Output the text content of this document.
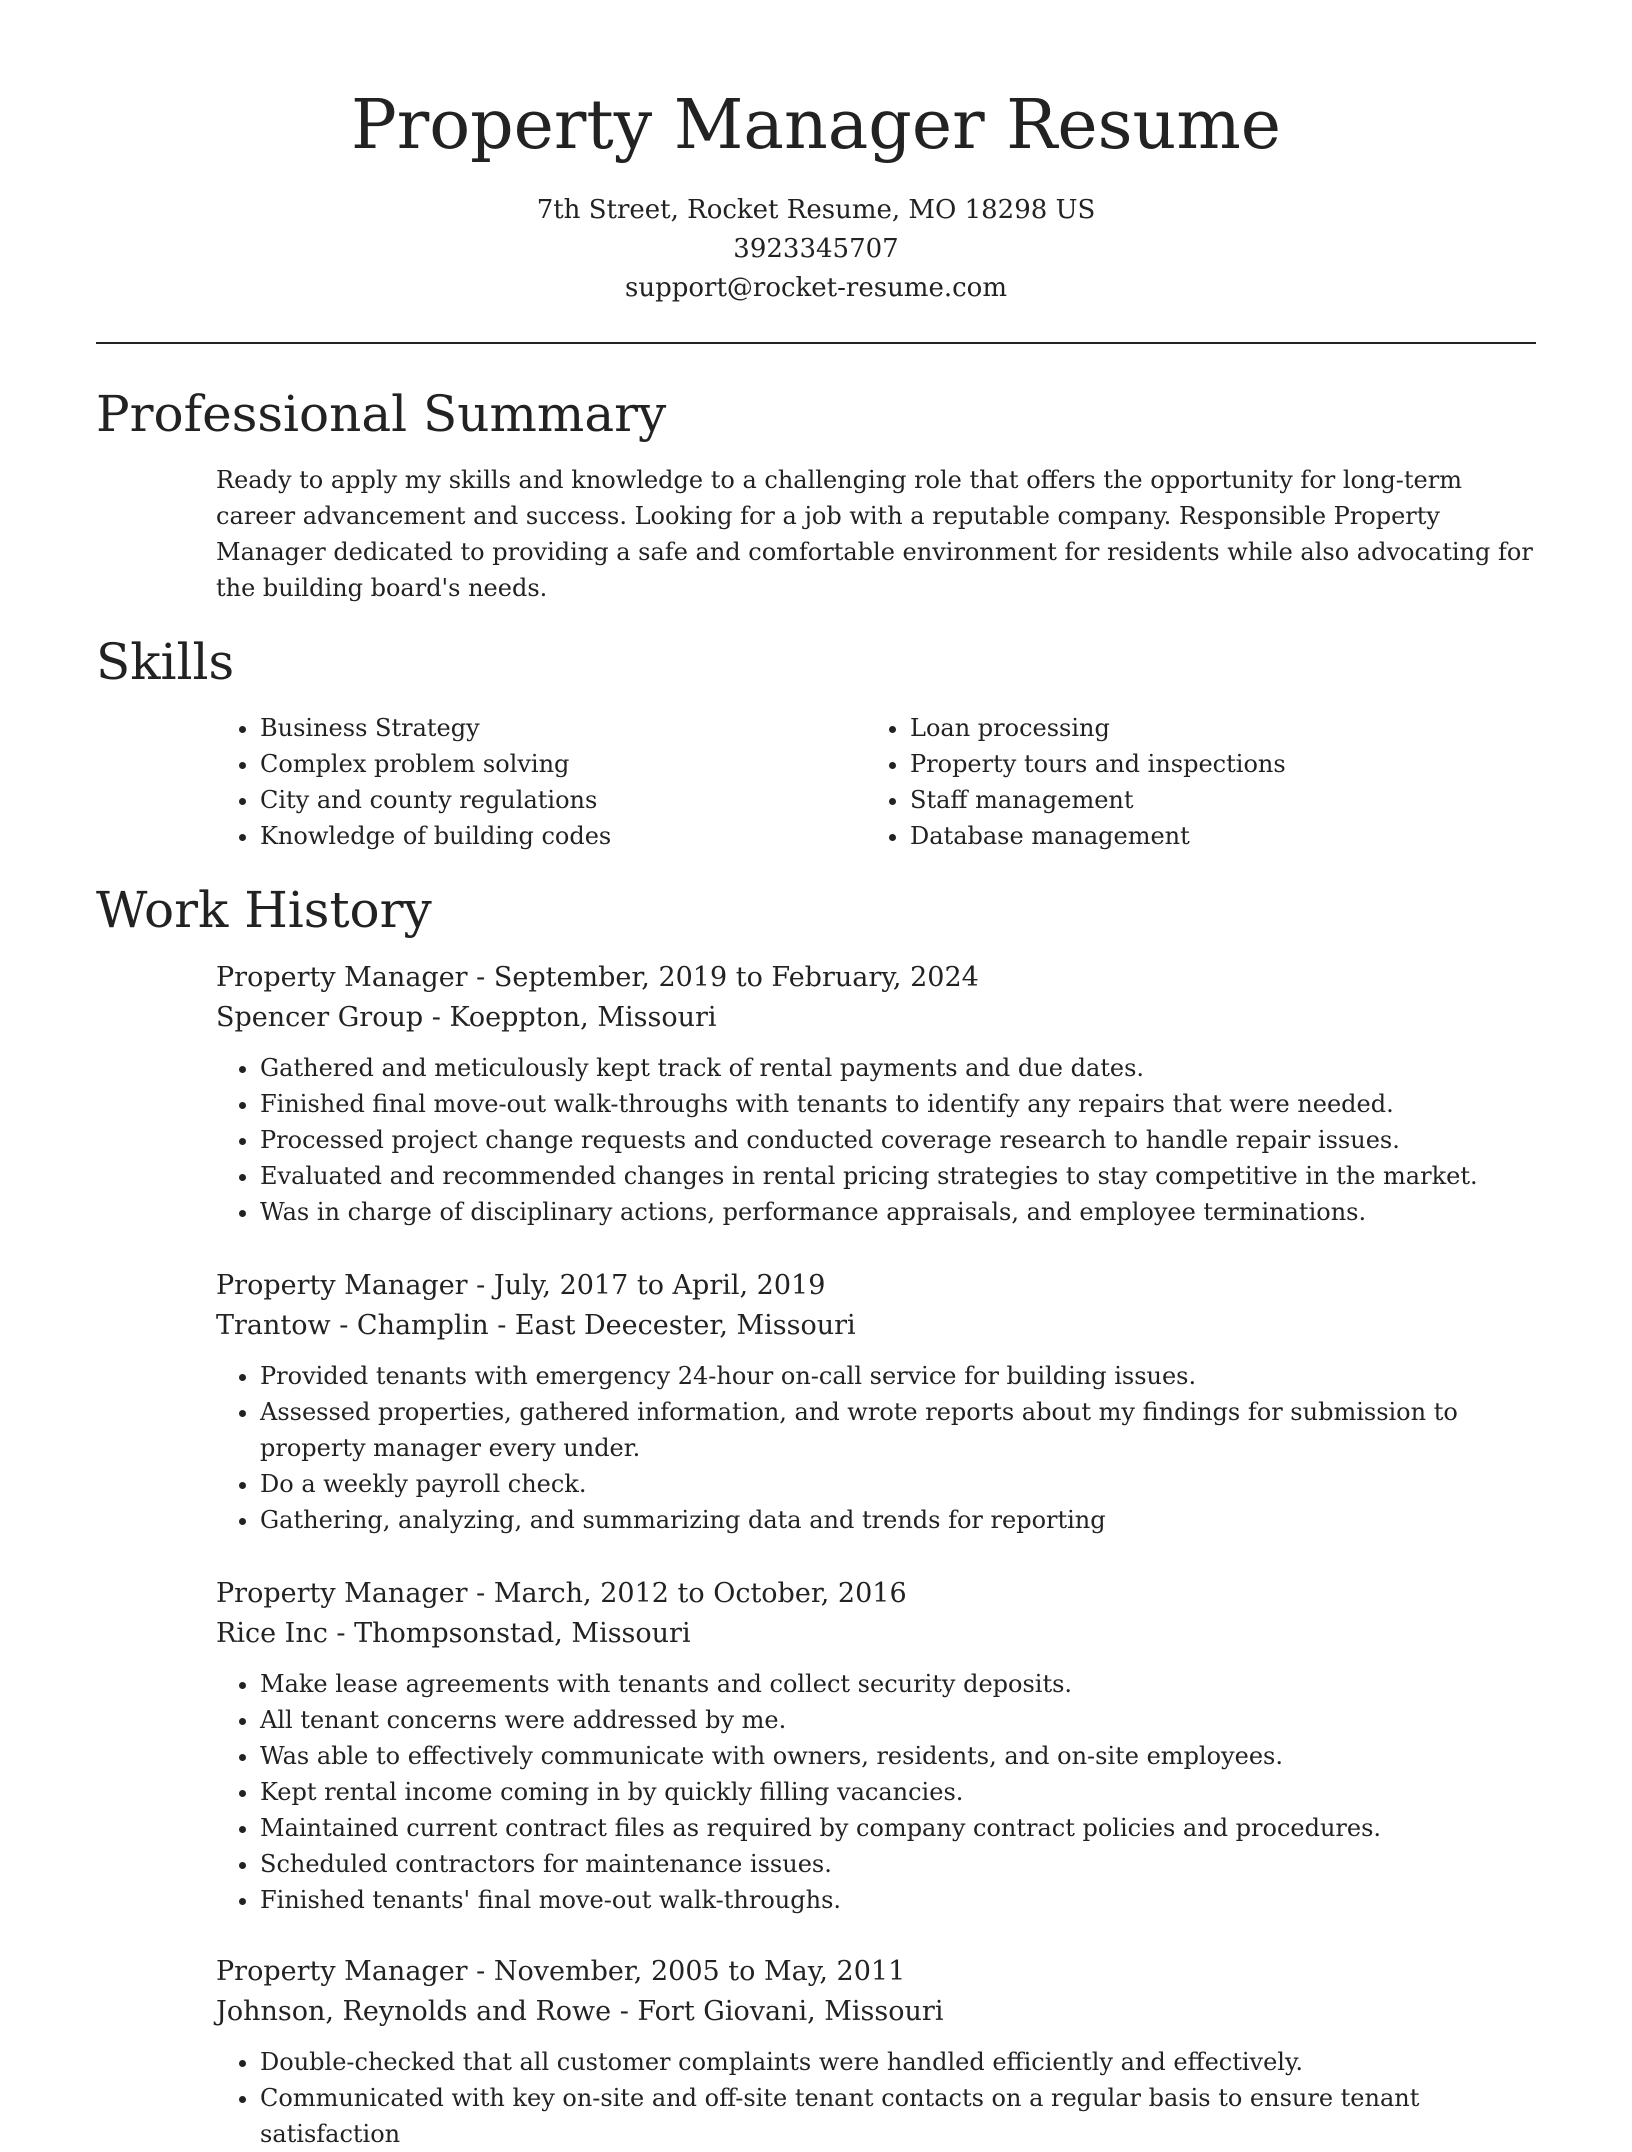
Property Manager Resume
7th Street, Rocket Resume, MO 18298 US
3923345707
support@rocket-resume.com
Professional Summary

Ready to apply my skills and knowledge to a challenging role that offers the opportunity for long-term career advancement and success. Looking for a job with a reputable company. Responsible Property Manager dedicated to providing a safe and comfortable environment for residents while also advocating for the building board's needs.

Skills
• Business Strategy
• Complex problem solving
• City and county regulations
• Knowledge of building codes
• Loan processing
• Property tours and inspections
• Staff management
• Database management
Work History

Property Manager - September, 2019 to February, 2024

Spencer Group - Koeppton, Missouri

• Gathered and meticulously kept track of rental payments and due dates.
• Finished final move-out walk-throughs with tenants to identify any repairs that were needed.
• Processed project change requests and conducted coverage research to handle repair issues.
• Evaluated and recommended changes in rental pricing strategies to stay competitive in the market.
• Was in charge of disciplinary actions, performance appraisals, and employee terminations.

Property Manager - July, 2017 to April, 2019

Trantow - Champlin - East Deecester, Missouri

• Provided tenants with emergency 24-hour on-call service for building issues.
• Assessed properties, gathered information, and wrote reports about my findings for submission to property manager every under.
• Do a weekly payroll check.
• Gathering, analyzing, and summarizing data and trends for reporting

Property Manager - March, 2012 to October, 2016

Rice Inc - Thompsonstad, Missouri

• Make lease agreements with tenants and collect security deposits.
• All tenant concerns were addressed by me.
• Was able to effectively communicate with owners, residents, and on-site employees.
• Kept rental income coming in by quickly filling vacancies.
• Maintained current contract files as required by company contract policies and procedures.
• Scheduled contractors for maintenance issues.
• Finished tenants' final move-out walk-throughs.

Property Manager - November, 2005 to May, 2011

Johnson, Reynolds and Rowe - Fort Giovani, Missouri

• Double-checked that all customer complaints were handled efficiently and effectively.
• Communicated with key on-site and off-site tenant contacts on a regular basis to ensure tenant satisfaction
